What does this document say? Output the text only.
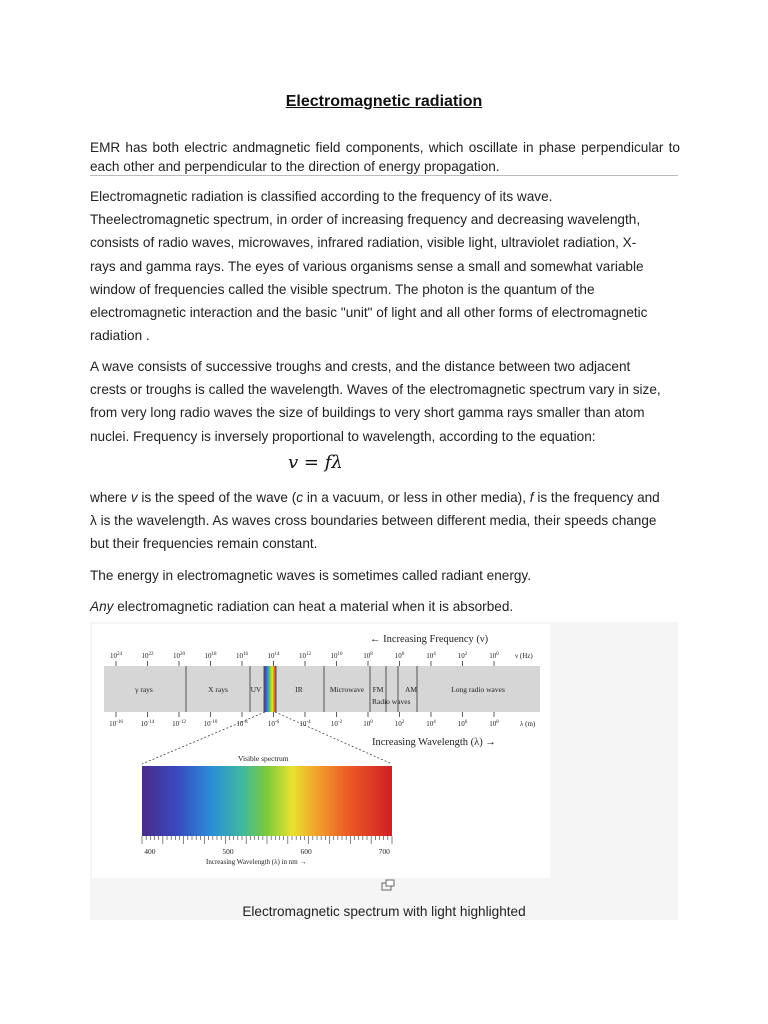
Electromagnetic radiation
EMR has both electric andmagnetic field components, which oscillate in phase perpendicular to each other and perpendicular to the direction of energy propagation.
Electromagnetic radiation is classified according to the frequency of its wave.
Theelectromagnetic spectrum, in order of increasing frequency and decreasing wavelength,
consists of radio waves, microwaves, infrared radiation, visible light, ultraviolet radiation, X-
rays and gamma rays. The eyes of various organisms sense a small and somewhat variable
window of frequencies called the visible spectrum. The photon is the quantum of the
electromagnetic interaction and the basic "unit" of light and all other forms of electromagnetic
radiation .
A wave consists of successive troughs and crests, and the distance between two adjacent
crests or troughs is called the wavelength. Waves of the electromagnetic spectrum vary in size,
from very long radio waves the size of buildings to very short gamma rays smaller than atom
nuclei. Frequency is inversely proportional to wavelength, according to the equation:
v = fλ
where v is the speed of the wave (c in a vacuum, or less in other media), f is the frequency and
λ is the wavelength. As waves cross boundaries between different media, their speeds change
but their frequencies remain constant.
The energy in electromagnetic waves is sometimes called radiant energy.
Any electromagnetic radiation can heat a material when it is absorbed.
← Increasing Frequency (ν)
ν (Hz)
$10^{24}$	$10^{22}$	$10^{20}$	$10^{18}$	$10^{16}$	$10^{14}$	$10^{12}$	$10^{10}$	$10^8$	$10^6$	$10^4$	$10^2$	$10^0$
γ rays	X rays	UV	IR	Microwave FM	AM	Long radio waves
Radio waves
$10^{-16}$	$10^{-14}$	$10^{-12}$	$10^{-10}$	$10^{-8}$	$10^{-6}$	$10^{-4}$	$10^{-2}$	$10^0$	$10^2$	$10^4$	$10^6$	$10^8$	λ (m)
Increasing Wavelength (λ) →
Visible spectrum
400	500	600	700
Increasing Wavelength (λ) in nm →
Electromagnetic spectrum with light highlighted
